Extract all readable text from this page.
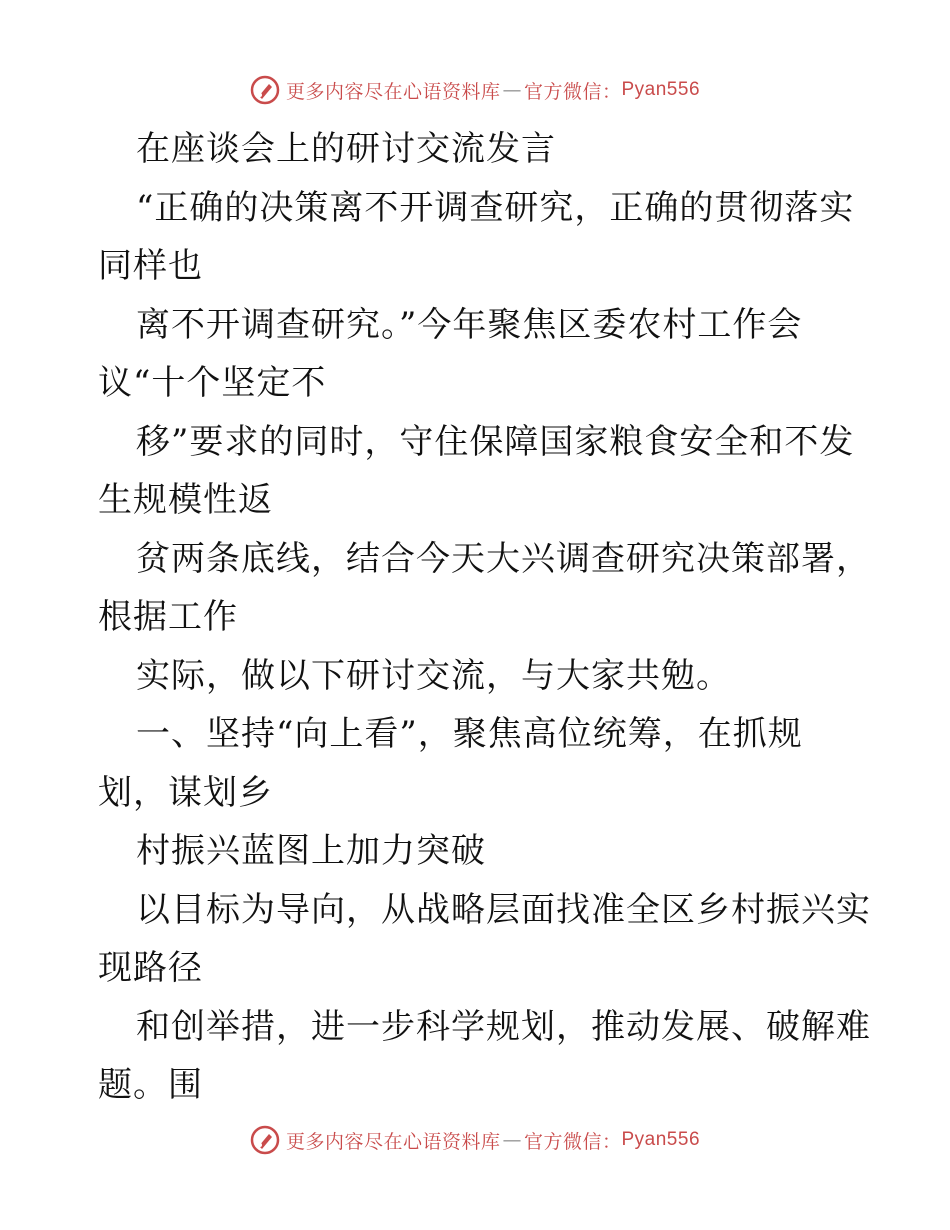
更多内容尽在心语资料库 — 官方微信： Pyan556
在座谈会上的研讨交流发言
“正确的决策离不开调查研究，正确的贯彻落实
同样也
离不开调查研究。”今年聚焦区委农村工作会
议“十个坚定不
移”要求的同时，守住保障国家粮食安全和不发
生规模性返
贫两条底线，结合今天大兴调查研究决策部署，
根据工作
实际，做以下研讨交流，与大家共勉。
一、坚持“向上看”，聚焦高位统筹，在抓规
划，谋划乡
村振兴蓝图上加力突破
以目标为导向，从战略层面找准全区乡村振兴实
现路径
和创举措，进一步科学规划，推动发展、破解难
题。围
更多内容尽在心语资料库 — 官方微信： Pyan556
